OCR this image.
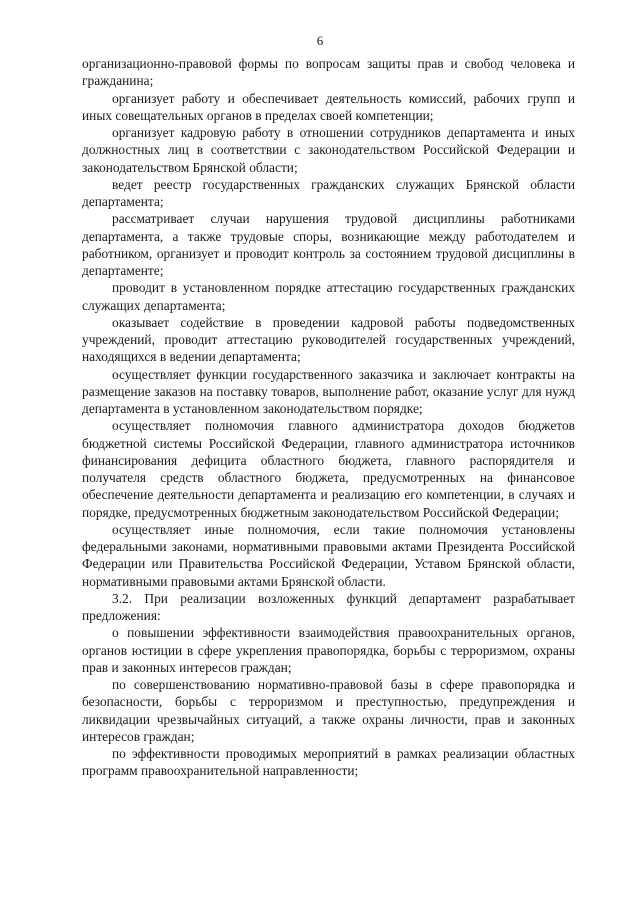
6

организационно-правовой формы по вопросам защиты прав и свобод человека и гражданина;

организует работу и обеспечивает деятельность комиссий, рабочих групп и иных совещательных органов в пределах своей компетенции;

организует кадровую работу в отношении сотрудников департамента и иных должностных лиц в соответствии с законодательством Российской Федерации и законодательством Брянской области;

ведет реестр государственных гражданских служащих Брянской области департамента;

рассматривает случаи нарушения трудовой дисциплины работниками департамента, а также трудовые споры, возникающие между работодателем и работником, организует и проводит контроль за состоянием трудовой дисциплины в департаменте;

проводит в установленном порядке аттестацию государственных гражданских служащих департамента;

оказывает содействие в проведении кадровой работы подведомственных учреждений, проводит аттестацию руководителей государственных учреждений, находящихся в ведении департамента;

осуществляет функции государственного заказчика и заключает контракты на размещение заказов на поставку товаров, выполнение работ, оказание услуг для нужд департамента в установленном законодательством порядке;

осуществляет полномочия главного администратора доходов бюджетов бюджетной системы Российской Федерации, главного администратора источников финансирования дефицита областного бюджета, главного распорядителя и получателя средств областного бюджета, предусмотренных на финансовое обеспечение деятельности департамента и реализацию его компетенции, в случаях и порядке, предусмотренных бюджетным законодательством Российской Федерации;

осуществляет иные полномочия, если такие полномочия установлены федеральными законами, нормативными правовыми актами Президента Российской Федерации или Правительства Российской Федерации, Уставом Брянской области, нормативными правовыми актами Брянской области.

3.2. При реализации возложенных функций департамент разрабатывает предложения:

о повышении эффективности взаимодействия правоохранительных органов, органов юстиции в сфере укрепления правопорядка, борьбы с терроризмом, охраны прав и законных интересов граждан;

по совершенствованию нормативно-правовой базы в сфере правопорядка и безопасности, борьбы с терроризмом и преступностью, предупреждения и ликвидации чрезвычайных ситуаций, а также охраны личности, прав и законных интересов граждан;

по эффективности проводимых мероприятий в рамках реализации областных программ правоохранительной направленности;
